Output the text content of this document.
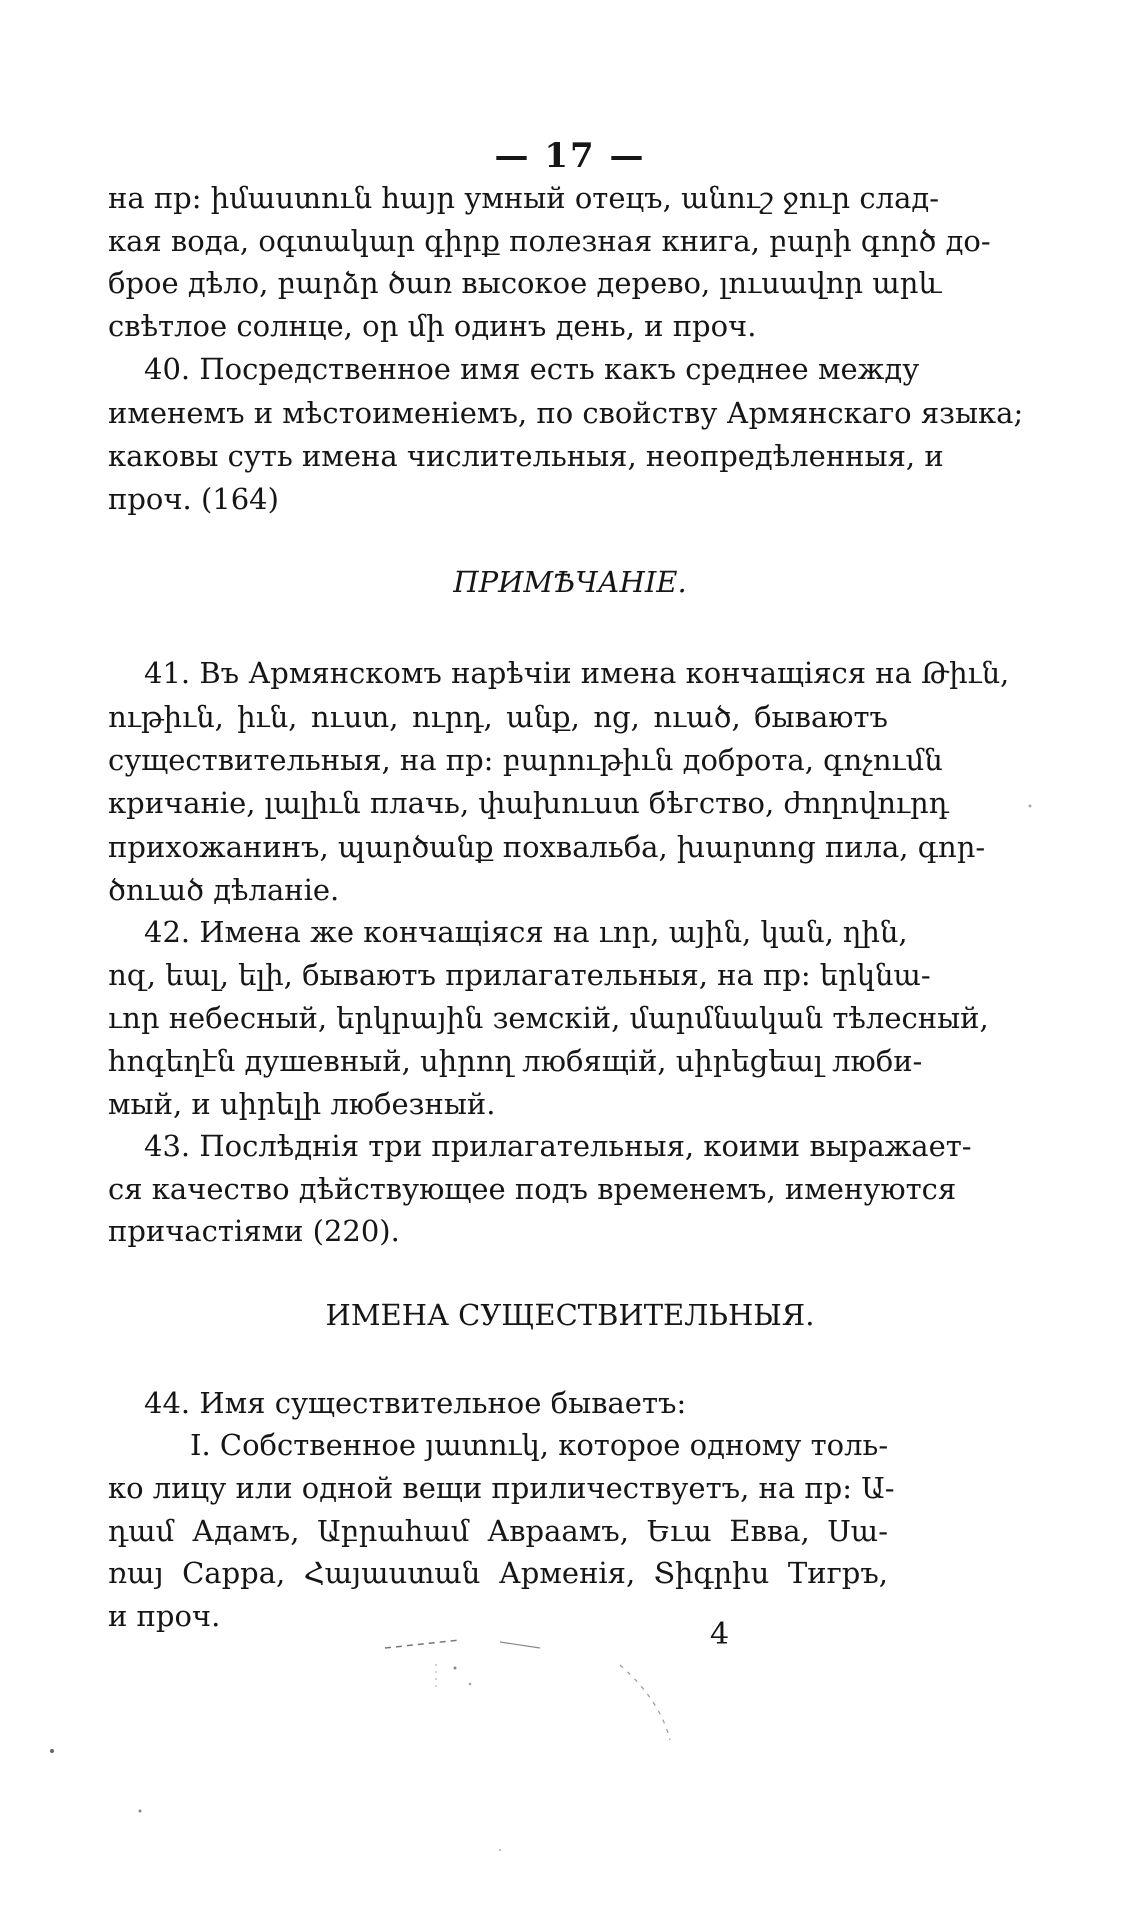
— 17 —
на пр: իմաստուն հայր умный отецъ, անուշ ջուր слад-
кая вода, օգտակար գիրք полезная книга, բարի գործ до-
брое дѣло, բարձր ծառ высокое дерево, լուսավոր արև
свѣтлое солнце, օր մի одинъ день, и проч.
40. Посредственное имя есть какъ среднее между
именемъ и мѣстоименіемъ, по свойству Армянскаго языка;
каковы суть имена числительныя, неопредѣленныя, и
проч. (164)
ПРИМѢЧАНІЕ.
41. Въ Армянскомъ нарѣчіи имена кончащіяся на Թիւն,
ութիւն, իւն, ուստ, ուրդ, անք, ոց, ուած, бываютъ
существительныя, на пр: բարութիւն доброта, գոչումն
кричаніе, լալիւն плачь, փախուստ бѣгство, ժողովուրդ
прихожанинъ, պարծանք похвальба, խարտոց пила, գոր-
ծուած дѣланіе.
42. Имена же кончащіяся на ւոր, ային, կան, ղին,
ոզ, եալ, ելի, бываютъ прилагательныя, на пр: երկնա-
ւոր небесный, երկրային земскій, մարմնական тѣлесный,
հոգեղէն душевный, սիրող любящій, սիրեցեալ люби-
мый, и սիրելի любезный.
43. Послѣднія три прилагательныя, коими выражает-
ся качество дѣйствующее подъ временемъ, именуются
причастіями (220).
ИМЕНА СУЩЕСТВИТЕЛЬНЫЯ.
44. Имя существительное бываетъ:
I. Собственное յատուկ, которое одному толь-
ко лицу или одной вещи приличествуетъ, на пр: Ա-
դամ Адамъ, Աբրահամ Авраамъ, Եւա Евва, Սա-
ռայ Сарра, Հայաստան Арменія, Տիգրիս Тигръ,
и проч.
4
